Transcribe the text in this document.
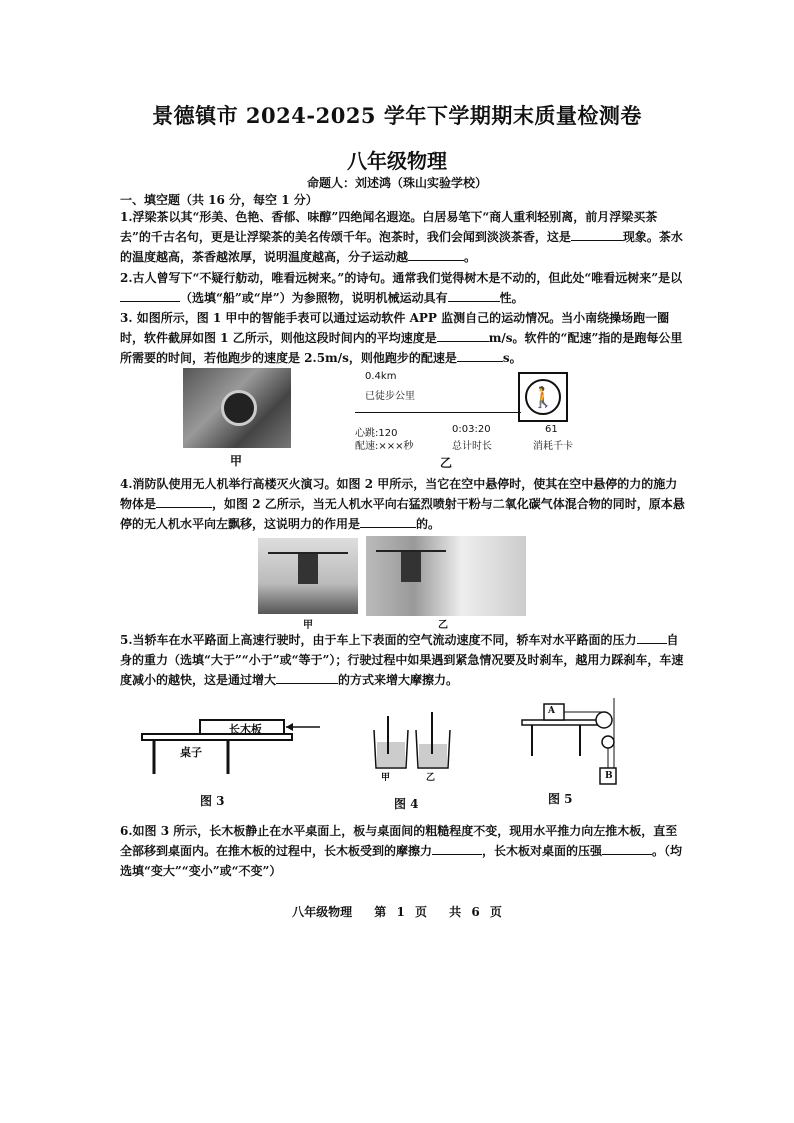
景德镇市 2024-2025 学年下学期期末质量检测卷
八年级物理
命题人：刘述鸿（珠山实验学校）
一、填空题（共 16 分，每空 1 分）
1.浮梁茶以其“形美、色艳、香郁、味醇”四绝闻名遐迩。白居易笔下“商人重利轻别离，前月浮梁买茶去”的千古名句，更是让浮梁茶的美名传颂千年。泡茶时，我们会闻到淡淡茶香，这是	现象。茶水的温度越高，茶香越浓厚，说明温度越高，分子运动越	。
2.古人曾写下“不疑行舫动，唯看远树来。”的诗句。通常我们觉得树木是不动的，但此处“唯看远树来”是以（选填“船”或“岸”）为参照物，说明机械运动具有	性。
3. 如图所示，图 1 甲中的智能手表可以通过运动软件 APP 监测自己的运动情况。当小南绕操场跑一圈时，软件截屏如图 1 乙所示，则他这段时间内的平均速度是	m/s。软件的“配速”指的是跑每公里所需要的时间，若他跑步的速度是 2.5m/s，则他跑步的配速是	s。
甲
0.4km
已徒步公里
心跳:120
配速:×××秒
0:03:20
总计时长
61
消耗千卡
🚶
乙
4.消防队使用无人机举行高楼灭火演习。如图 2 甲所示，当它在空中悬停时，使其在空中悬停的力的施力物体是	，如图 2 乙所示，当无人机水平向右猛烈喷射干粉与二氧化碳气体混合物的同时，原本悬停的无人机水平向左飘移，这说明力的作用是	的。
甲	乙
5.当轿车在水平路面上高速行驶时，由于车上下表面的空气流动速度不同，轿车对水平路面的压力	自身的重力（选填“大于”“小于”或“等于”）；行驶过程中如果遇到紧急情况要及时刹车，越用力踩刹车，车速度减小的越快，这是通过增大	的方式来增大摩擦力。
长木板
桌子
图 3
甲	乙
图 4
A
B
图 5
6.如图 3 所示，长木板静止在水平桌面上，板与桌面间的粗糙程度不变，现用水平推力向左推木板，直至全部移到桌面内。在推木板的过程中，长木板受到的摩擦力	，长木板对桌面的压强	。（均选填“变大”“变小”或“不变”）
八年级物理　 第 1 页　 共 6 页
